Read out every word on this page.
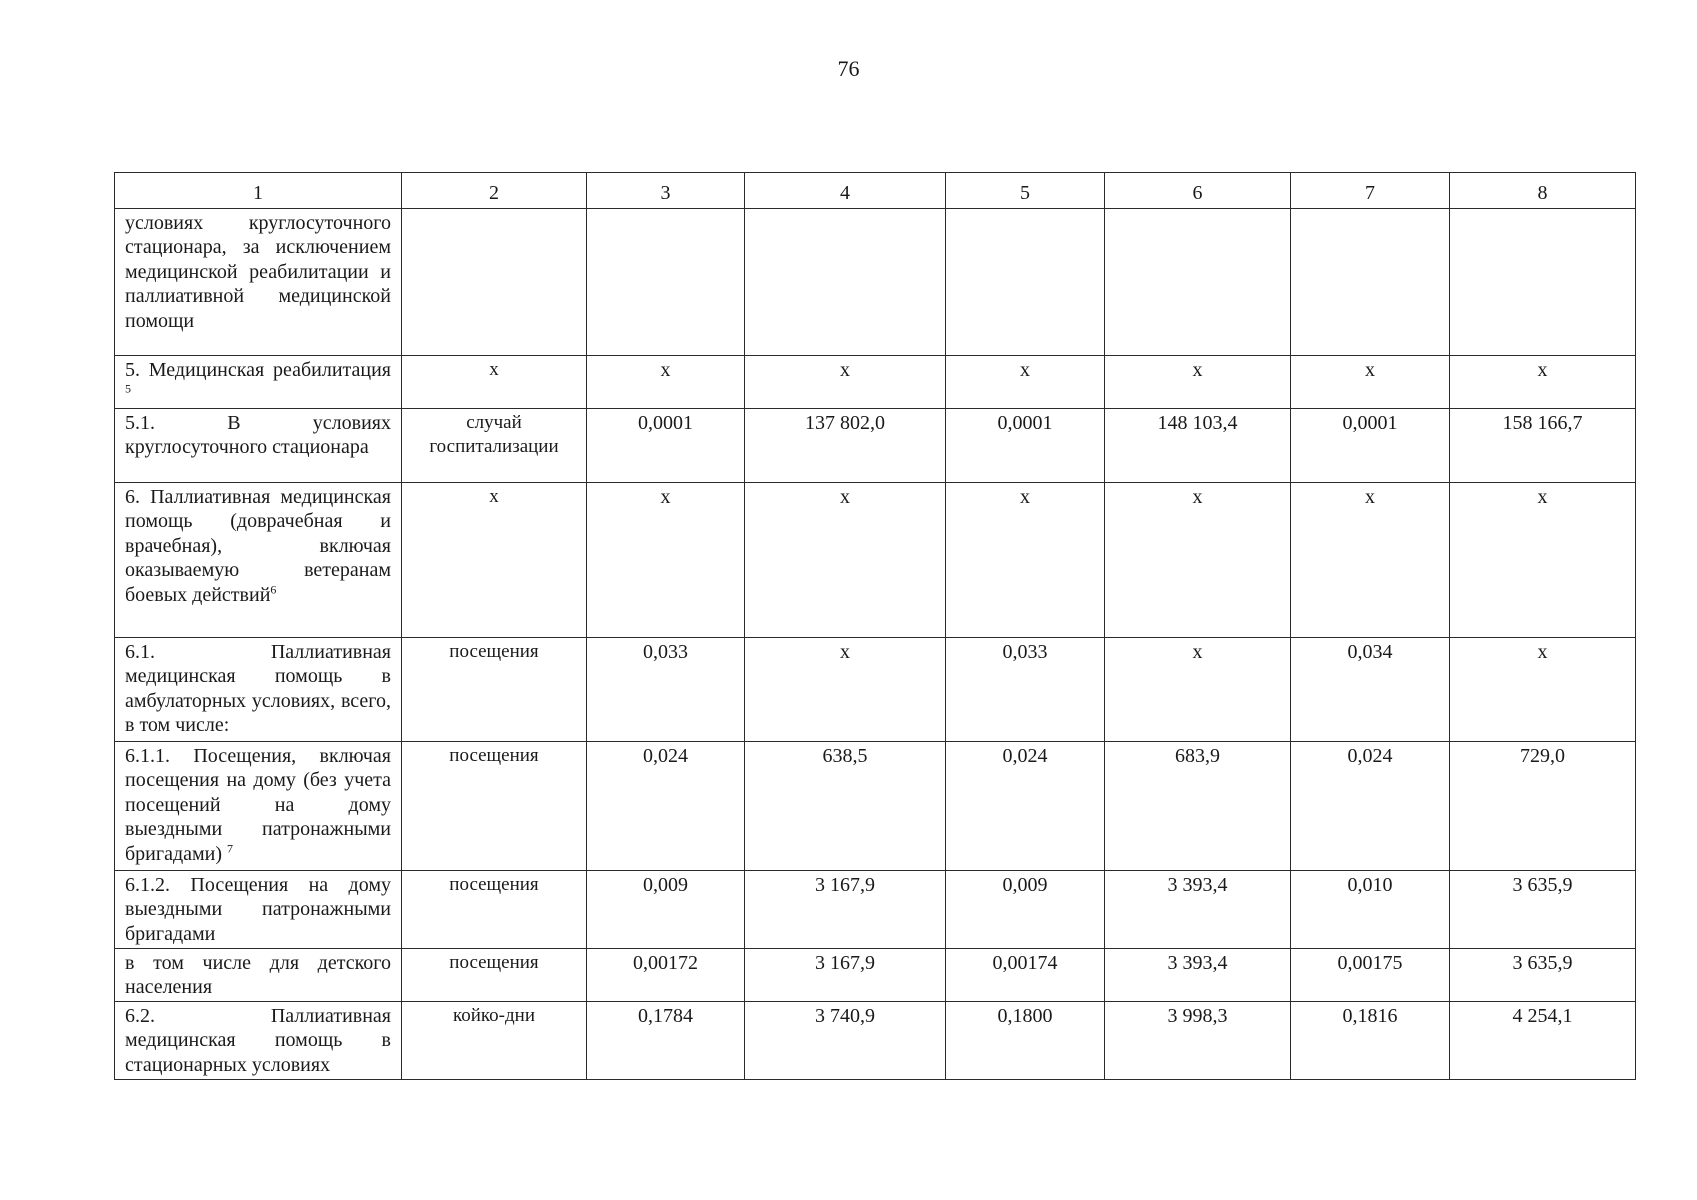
76
1	2	3	4	5	6	7	8
условиях круглосуточного стационара, за исключением медицинской реабилитации и паллиативной медицинской помощи							
5. Медицинская реабилитация $^5$	х	х	х	х	х	х	х
5.1. В условиях круглосуточного стационара	случай госпитализации	0,0001	137 802,0	0,0001	148 103,4	0,0001	158 166,7
6. Паллиативная медицинская помощь (доврачебная и врачебная), включая оказываемую ветеранам боевых действий$^6$	х	х	х	х	х	х	х
6.1. Паллиативная медицинская помощь в амбулаторных условиях, всего, в том числе:	посещения	0,033	х	0,033	х	0,034	х
6.1.1. Посещения, включая посещения на дому (без учета посещений на дому выездными патронажными бригадами) $^7$	посещения	0,024	638,5	0,024	683,9	0,024	729,0
6.1.2. Посещения на дому выездными патронажными бригадами	посещения	0,009	3 167,9	0,009	3 393,4	0,010	3 635,9
в том числе для детского населения	посещения	0,00172	3 167,9	0,00174	3 393,4	0,00175	3 635,9
6.2. Паллиативная медицинская помощь в стационарных условиях	койко-дни	0,1784	3 740,9	0,1800	3 998,3	0,1816	4 254,1
